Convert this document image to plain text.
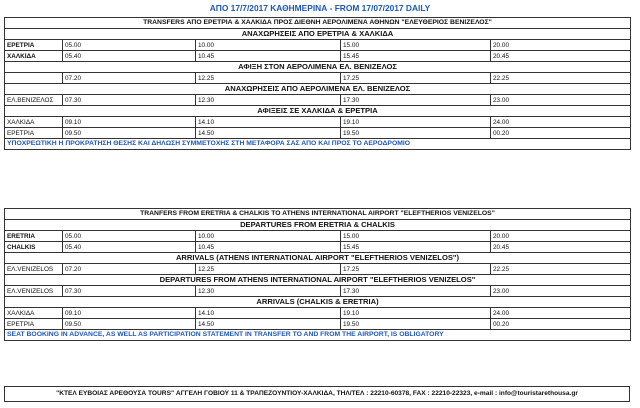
ΑΠΟ 17/7/2017 ΚΑΘΗΜΕΡΙΝΑ - FROM 17/07/2017 DAILY
TRANSFERS ΑΠΟ ΕΡΕΤΡΙΑ & ΧΑΛΚΙΔΑ ΠΡΟΣ ΔΙΕΘΝΗ ΑΕΡΟΛΙΜΕΝΑ ΑΘΗΝΩΝ "ΕΛΕΥΘΕΡΙΟΣ ΒΕΝΙΖΕΛΟΣ"				
ΑΝΑΧΩΡΗΣΕΙΣ ΑΠΟ ΕΡΕΤΡΙΑ & ΧΑΛΚΙΔΑ				
ΕΡΕΤΡΙΑ	05.00	10.00	15.00	20.00
ΧΑΛΚΙΔΑ	05.40	10.45	15.45	20.45
ΑΦΙΞΗ ΣΤΟΝ ΑΕΡΟΛΙΜΕΝΑ ΕΛ. ΒΕΝΙΖΕΛΟΣ				
	07.20	12.25	17.25	22.25
ΑΝΑΧΩΡΗΣΕΙΣ ΑΠΟ ΑΕΡΟΛΙΜΕΝΑ ΕΛ. ΒΕΝΙΖΕΛΟΣ				
ΕΛ.ΒΕΝΙΖΕΛΟΣ	07.30	12.30	17.30	23.00
ΑΦΙΞΕΙΣ ΣΕ ΧΑΛΚΙΔΑ & ΕΡΕΤΡΙΑ				
ΧΑΛΚΙΔΑ	09.10	14.10	19.10	24.00
ΕΡΕΤΡΙΑ	09.50	14.50	19.50	00.20
ΥΠΟΧΡΕΩΤΙΚΗ Η ΠΡΟΚΡΑΤΗΣΗ ΘΕΣΗΣ ΚΑΙ ΔΗΛΩΣΗ ΣΥΜΜΕΤΟΧΗΣ ΣΤΗ ΜΕΤΑΦΟΡΑ ΣΑΣ ΑΠΟ ΚΑΙ ΠΡΟΣ ΤΟ ΑΕΡΟΔΡΟΜΙΟ				
TRANFERS FROM ERETRIA & CHALKIS TO ATHENS INTERNATIONAL AIRPORT "ELEFTHERIOS VENIZELOS"				
DEPARTURES FROM ERETRIA & CHALKIS				
ERETRIA	05.00	10.00	15.00	20.00
CHALKIS	05.40	10.45	15.45	20.45
ARRIVALS (ATHENS INTERNATIONAL AIRPORT "ELEFTHERIOS VENIZELOS")				
ΕΛ.VENIZELOS	07.20	12.25	17.25	22.25
DEPARTURES FROM ATHENS INTERNATIONAL AIRPORT "ELEFTHERIOS VENIZELOS"				
ΕΛ.VENIZELOS	07.30	12.30	17.30	23.00
ARRIVALS (CHALKIS & ERETRIA)				
ΧΑΛΚΙΔΑ	09.10	14.10	19.10	24.00
ΕΡΕΤΡΙΑ	09.50	14.50	19.50	00.20
SEAT BOOKING IN ADVANCE, AS WELL AS PARTICIPATION STATEMENT IN TRANSFER TO AND FROM THE AIRPORT, IS OBLIGATORY				
"ΚΤΕΛ ΕΥΒΟΙΑΣ ΑΡΕΘΟΥΣΑ TOURS" ΑΓΓΕΛΗ ΓΟΒΙΟΥ 11 & ΤΡΑΠΕΖΟΥΝΤΙΟΥ-ΧΑΛΚΙΔΑ, ΤΗΛ/ΤΕΛ : 22210-60378, FAX : 22210-22323, e-mail : info@touristarethousa.gr
